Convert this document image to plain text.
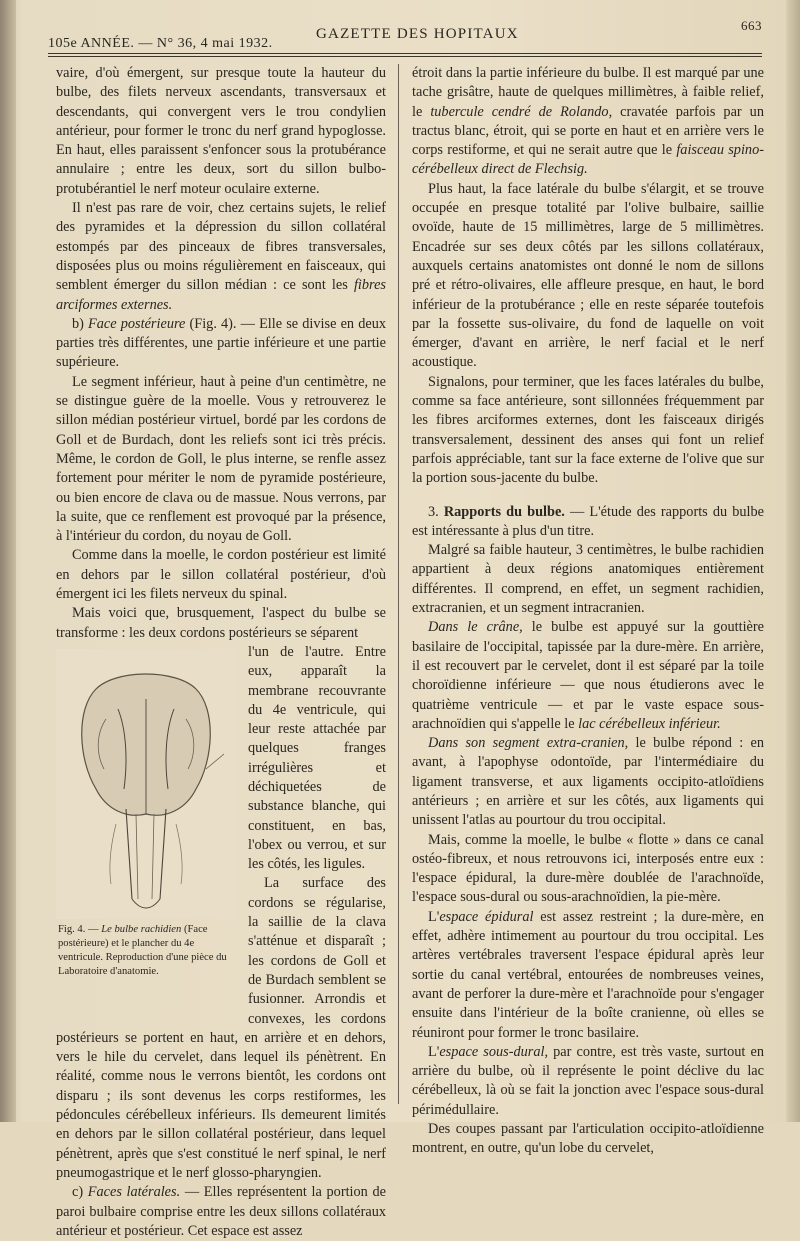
105e ANNÉE. — N° 36, 4 mai 1932.
GAZETTE DES HOPITAUX
663

vaire, d'où émergent, sur presque toute la hauteur du bulbe, des filets nerveux ascendants, transversaux et descendants, qui convergent vers le trou condylien antérieur, pour former le tronc du nerf grand hypoglosse. En haut, elles paraissent s'enfoncer sous la protubérance annulaire ; entre les deux, sort du sillon bulbo-protubérantiel le nerf moteur oculaire externe.

Il n'est pas rare de voir, chez certains sujets, le relief des pyramides et la dépression du sillon collatéral estompés par des pinceaux de fibres transversales, disposées plus ou moins régulièrement en faisceaux, qui semblent émerger du sillon médian : ce sont les fibres arciformes externes.

b) Face postérieure (Fig. 4). — Elle se divise en deux parties très différentes, une partie inférieure et une partie supérieure.

Le segment inférieur, haut à peine d'un centimètre, ne se distingue guère de la moelle. Vous y retrouverez le sillon médian postérieur virtuel, bordé par les cordons de Goll et de Burdach, dont les reliefs sont ici très précis. Même, le cordon de Goll, le plus interne, se renfle assez fortement pour mériter le nom de pyramide postérieure, ou bien encore de clava ou de massue. Nous verrons, par la suite, que ce renflement est provoqué par la présence, à l'intérieur du cordon, du noyau de Goll.

Comme dans la moelle, le cordon postérieur est limité en dehors par le sillon collatéral postérieur, d'où émergent ici les filets nerveux du spinal.

Mais voici que, brusquement, l'aspect du bulbe se transforme : les deux cordons postérieurs se séparent

Fig. 4. — Le bulbe rachidien (Face postérieure) et le plancher du 4e ventricule. Reproduction d'une pièce du Laboratoire d'anatomie.

l'un de l'autre. Entre eux, apparaît la membrane recouvrante du 4e ventricule, qui leur reste attachée par quelques franges irrégulières et déchiquetées de substance blanche, qui constituent, en bas, l'obex ou verrou, et sur les côtés, les ligules.

La surface des cordons se régularise, la saillie de la clava s'atténue et disparaît ; les cordons de Goll et de Burdach semblent se fusionner. Arrondis et convexes, les cordons postérieurs se portent en haut, en arrière et en dehors, vers le hile du cervelet, dans lequel ils pénètrent. En réalité, comme nous le verrons bientôt, les cordons ont disparu ; ils sont devenus les corps restiformes, les pédoncules cérébelleux inférieurs. Ils demeurent limités en dehors par le sillon collatéral postérieur, dans lequel pénètrent, après que s'est constitué le nerf spinal, le nerf pneumogastrique et le nerf glosso-pharyngien.

c) Faces latérales. — Elles représentent la portion de paroi bulbaire comprise entre les deux sillons collatéraux antérieur et postérieur. Cet espace est assez

étroit dans la partie inférieure du bulbe. Il est marqué par une tache grisâtre, haute de quelques millimètres, à faible relief, le tubercule cendré de Rolando, cravatée parfois par un tractus blanc, étroit, qui se porte en haut et en arrière vers le corps restiforme, et qui ne serait autre que le faisceau spino-cérébelleux direct de Flechsig.

Plus haut, la face latérale du bulbe s'élargit, et se trouve occupée en presque totalité par l'olive bulbaire, saillie ovoïde, haute de 15 millimètres, large de 5 millimètres. Encadrée sur ses deux côtés par les sillons collatéraux, auxquels certains anatomistes ont donné le nom de sillons pré et rétro-olivaires, elle affleure presque, en haut, le bord inférieur de la protubérance ; elle en reste séparée toutefois par la fossette sus-olivaire, du fond de laquelle on voit émerger, d'avant en arrière, le nerf facial et le nerf acoustique.

Signalons, pour terminer, que les faces latérales du bulbe, comme sa face antérieure, sont sillonnées fréquemment par les fibres arciformes externes, dont les faisceaux dirigés transversalement, dessinent des anses qui font un relief parfois appréciable, tant sur la face externe de l'olive que sur la portion sous-jacente du bulbe.

3. Rapports du bulbe. — L'étude des rapports du bulbe est intéressante à plus d'un titre.

Malgré sa faible hauteur, 3 centimètres, le bulbe rachidien appartient à deux régions anatomiques entièrement différentes. Il comprend, en effet, un segment rachidien, extracranien, et un segment intracranien.

Dans le crâne, le bulbe est appuyé sur la gouttière basilaire de l'occipital, tapissée par la dure-mère. En arrière, il est recouvert par le cervelet, dont il est séparé par la toile choroïdienne inférieure — que nous étudierons avec le quatrième ventricule — et par le vaste espace sous-arachnoïdien qui s'appelle le lac cérébelleux inférieur.

Dans son segment extra-cranien, le bulbe répond : en avant, à l'apophyse odontoïde, par l'intermédiaire du ligament transverse, et aux ligaments occipito-atloïdiens antérieurs ; en arrière et sur les côtés, aux ligaments qui unissent l'atlas au pourtour du trou occipital.

Mais, comme la moelle, le bulbe « flotte » dans ce canal ostéo-fibreux, et nous retrouvons ici, interposés entre eux : l'espace épidural, la dure-mère doublée de l'arachnoïde, l'espace sous-dural ou sous-arachnoïdien, la pie-mère.

L'espace épidural est assez restreint ; la dure-mère, en effet, adhère intimement au pourtour du trou occipital. Les artères vertébrales traversent l'espace épidural après leur sortie du canal vertébral, entourées de nombreuses veines, avant de perforer la dure-mère et l'arachnoïde pour s'engager ensuite dans l'intérieur de la boîte cranienne, où elles se réuniront pour former le tronc basilaire.

L'espace sous-dural, par contre, est très vaste, surtout en arrière du bulbe, où il représente le point déclive du lac cérébelleux, là où se fait la jonction avec l'espace sous-dural périmédullaire.

Des coupes passant par l'articulation occipito-atloïdienne montrent, en outre, qu'un lobe du cervelet,
